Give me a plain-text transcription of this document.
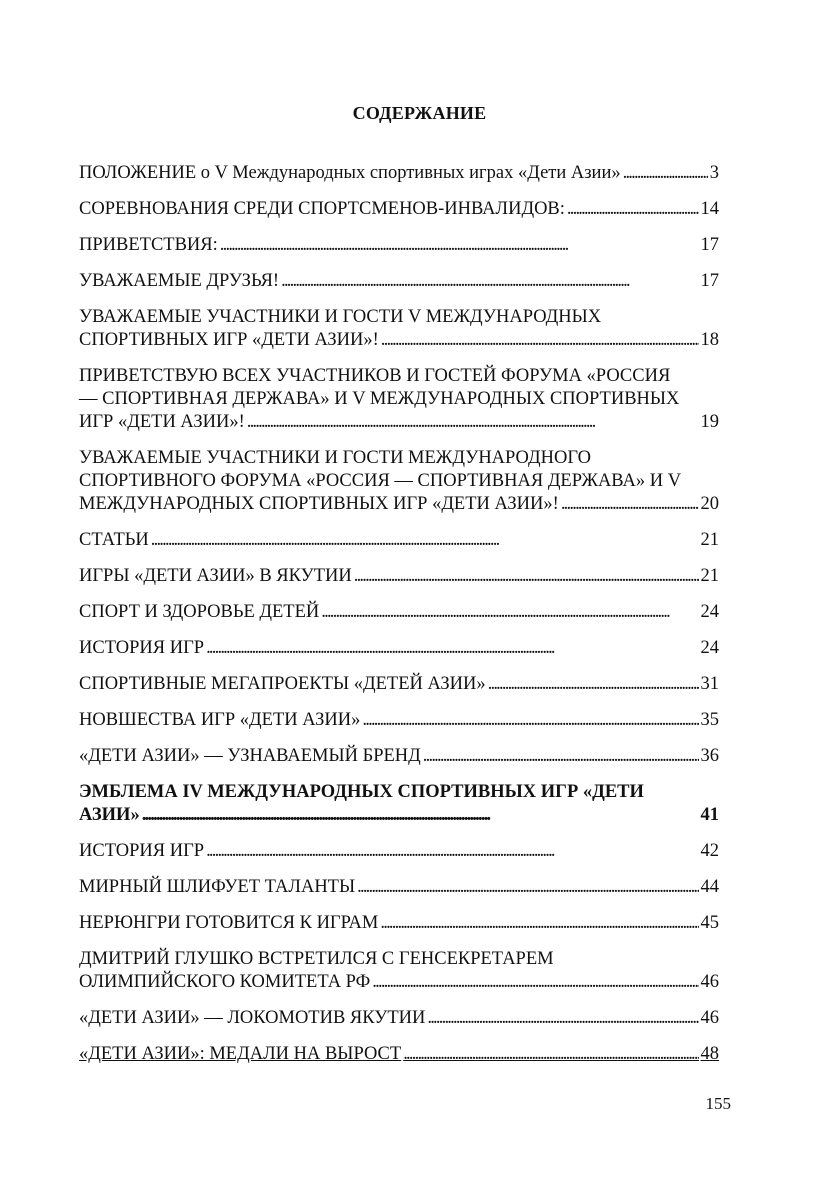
СОДЕРЖАНИЕ
ПОЛОЖЕНИЕ о V Международных спортивных играх «Дети Азии» . . .	3
СОРЕВНОВАНИЯ СРЕДИ СПОРТСМЕНОВ-ИНВАЛИДОВ: . . .	14
ПРИВЕТСТВИЯ: . . .	17
УВАЖАЕМЫЕ ДРУЗЬЯ! . . .	17
УВАЖАЕМЫЕ УЧАСТНИКИ И ГОСТИ V МЕЖДУНАРОДНЫХ
СПОРТИВНЫХ ИГР «ДЕТИ АЗИИ»! . . .	18
ПРИВЕТСТВУЮ ВСЕХ УЧАСТНИКОВ И ГОСТЕЙ ФОРУМА «РОССИЯ
— СПОРТИВНАЯ ДЕРЖАВА» И V МЕЖДУНАРОДНЫХ СПОРТИВНЫХ
ИГР «ДЕТИ АЗИИ»! . . .	19
УВАЖАЕМЫЕ УЧАСТНИКИ И ГОСТИ МЕЖДУНАРОДНОГО
СПОРТИВНОГО ФОРУМА «РОССИЯ — СПОРТИВНАЯ ДЕРЖАВА» И V
МЕЖДУНАРОДНЫХ СПОРТИВНЫХ ИГР «ДЕТИ АЗИИ»! . . .	20
СТАТЬИ . . .	21
ИГРЫ «ДЕТИ АЗИИ» В ЯКУТИИ . . .	21
СПОРТ И ЗДОРОВЬЕ ДЕТЕЙ . . .	24
ИСТОРИЯ ИГР . . .	24
СПОРТИВНЫЕ МЕГАПРОЕКТЫ «ДЕТЕЙ АЗИИ» . . .	31
НОВШЕСТВА ИГР «ДЕТИ АЗИИ» . . .	35
«ДЕТИ АЗИИ» — УЗНАВАЕМЫЙ БРЕНД . . .	36
ЭМБЛЕМА IV МЕЖДУНАРОДНЫХ СПОРТИВНЫХ ИГР «ДЕТИ
АЗИИ» . . .	41
ИСТОРИЯ ИГР . . .	42
МИРНЫЙ ШЛИФУЕТ ТАЛАНТЫ . . .	44
НЕРЮНГРИ ГОТОВИТСЯ К ИГРАМ . . .	45
ДМИТРИЙ ГЛУШКО ВСТРЕТИЛСЯ С ГЕНСЕКРЕТАРЕМ
ОЛИМПИЙСКОГО КОМИТЕТА РФ . . .	46
«ДЕТИ АЗИИ» — ЛОКОМОТИВ ЯКУТИИ . . .	46
«ДЕТИ АЗИИ»: МЕДАЛИ НА ВЫРОСТ . . .	48
155
